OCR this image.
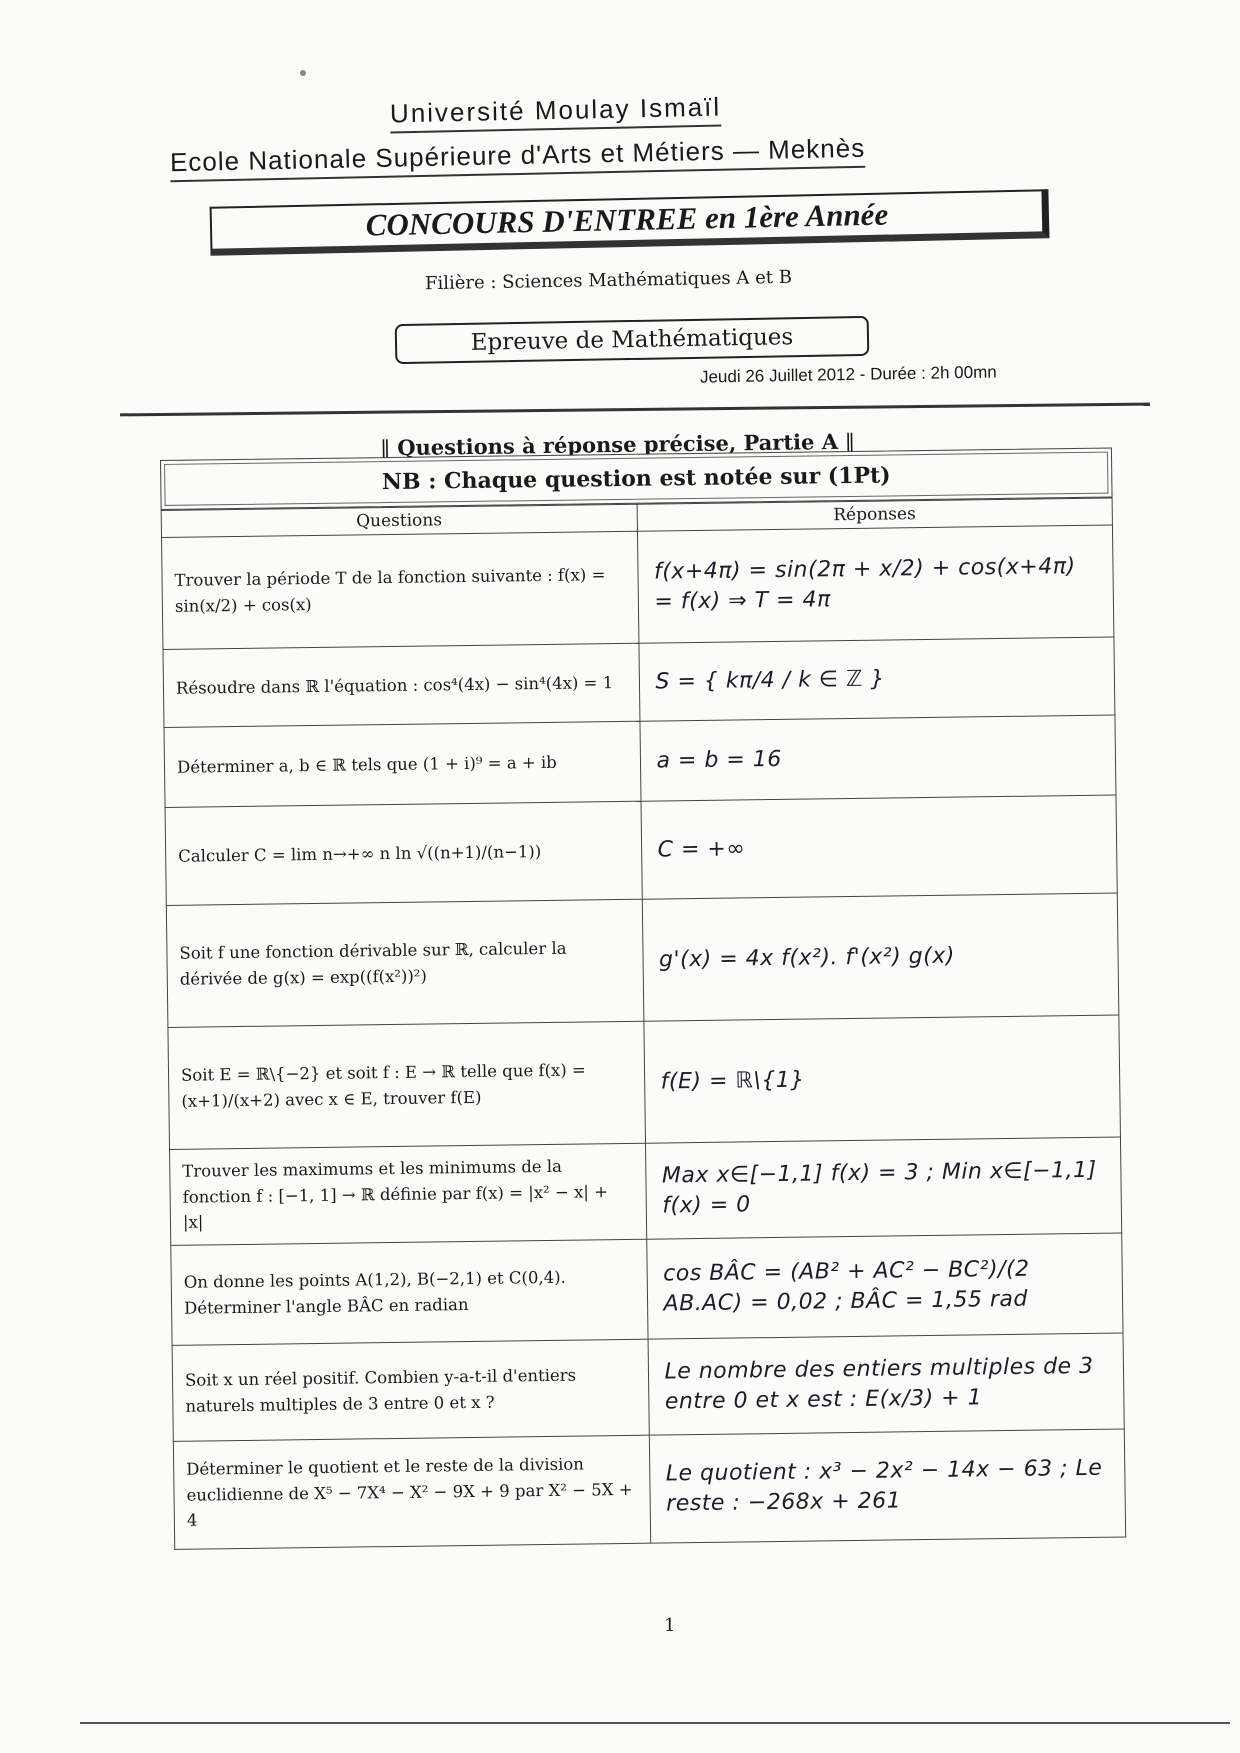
Université Moulay Ismaïl
Ecole Nationale Supérieure d'Arts et Métiers — Meknès
CONCOURS D'ENTREE en 1ère Année
Filière : Sciences Mathématiques A et B
Epreuve de Mathématiques
Jeudi 26 Juillet 2012 - Durée : 2h 00mn
‖ Questions à réponse précise, Partie A ‖
NB : Chaque question est notée sur (1Pt)
Questions	Réponses
Trouver la période T de la fonction suivante : f(x) = sin(x/2) + cos(x)	f(x+4π) = sin(2π + x/2) + cos(x+4π) = f(x) ⇒ T = 4π
Résoudre dans ℝ l'équation : cos⁴(4x) − sin⁴(4x) = 1	S = { kπ/4 / k ∈ ℤ }
Déterminer a, b ∈ ℝ tels que (1 + i)⁹ = a + ib	a = b = 16
Calculer C = lim n→+∞ n ln √((n+1)/(n−1))	C = +∞
Soit f une fonction dérivable sur ℝ, calculer la dérivée de g(x) = exp((f(x²))²)	g'(x) = 4x f(x²). f'(x²) g(x)
Soit E = ℝ\{−2} et soit f : E → ℝ telle que f(x) = (x+1)/(x+2) avec x ∈ E, trouver f(E)	f(E) = ℝ\{1}
Trouver les maximums et les minimums de la fonction f : [−1, 1] → ℝ définie par f(x) = |x² − x| + |x|	Max x∈[−1,1] f(x) = 3 ; Min x∈[−1,1] f(x) = 0
On donne les points A(1,2), B(−2,1) et C(0,4). Déterminer l'angle BÂC en radian	cos BÂC = (AB² + AC² − BC²)/(2 AB.AC) = 0,02 ; BÂC = 1,55 rad
Soit x un réel positif. Combien y-a-t-il d'entiers naturels multiples de 3 entre 0 et x ?	Le nombre des entiers multiples de 3 entre 0 et x est : E(x/3) + 1
Déterminer le quotient et le reste de la division euclidienne de X⁵ − 7X⁴ − X² − 9X + 9 par X² − 5X + 4	Le quotient : x³ − 2x² − 14x − 63 ; Le reste : −268x + 261
1
